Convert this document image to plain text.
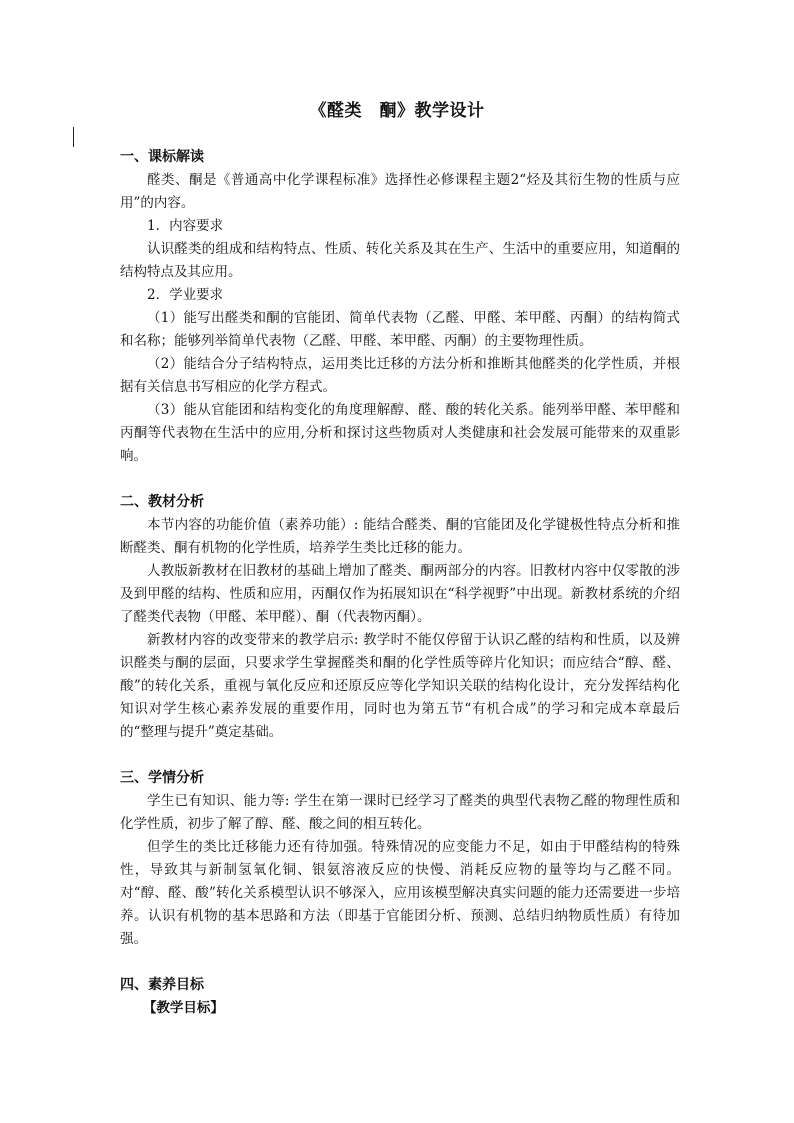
《醛类　酮》教学设计

一、课标解读

醛类、酮是《普通高中化学课程标准》选择性必修课程主题2“烃及其衍生物的性质与应用”的内容。

1．内容要求

认识醛类的组成和结构特点、性质、转化关系及其在生产、生活中的重要应用，知道酮的结构特点及其应用。

2．学业要求

（1）能写出醛类和酮的官能团、简单代表物（乙醛、甲醛、苯甲醛、丙酮）的结构简式和名称；能够列举简单代表物（乙醛、甲醛、苯甲醛、丙酮）的主要物理性质。

（2）能结合分子结构特点，运用类比迁移的方法分析和推断其他醛类的化学性质，并根据有关信息书写相应的化学方程式。

（3）能从官能团和结构变化的角度理解醇、醛、酸的转化关系。能列举甲醛、苯甲醛和丙酮等代表物在生活中的应用,分析和探讨这些物质对人类健康和社会发展可能带来的双重影响。

二、教材分析

本节内容的功能价值（素养功能）: 能结合醛类、酮的官能团及化学键极性特点分析和推断醛类、酮有机物的化学性质，培养学生类比迁移的能力。

人教版新教材在旧教材的基础上增加了醛类、酮两部分的内容。旧教材内容中仅零散的涉及到甲醛的结构、性质和应用，丙酮仅作为拓展知识在“科学视野”中出现。新教材系统的介绍了醛类代表物（甲醛、苯甲醛）、酮（代表物丙酮）。

新教材内容的改变带来的教学启示: 教学时不能仅停留于认识乙醛的结构和性质，以及辨识醛类与酮的层面，只要求学生掌握醛类和酮的化学性质等碎片化知识；而应结合“醇、醛、酸”的转化关系，重视与氧化反应和还原反应等化学知识关联的结构化设计，充分发挥结构化知识对学生核心素养发展的重要作用，同时也为第五节“有机合成”的学习和完成本章最后的“整理与提升”奠定基础。

三、学情分析

学生已有知识、能力等: 学生在第一课时已经学习了醛类的典型代表物乙醛的物理性质和化学性质，初步了解了醇、醛、酸之间的相互转化。

但学生的类比迁移能力还有待加强。特殊情况的应变能力不足，如由于甲醛结构的特殊性，导致其与新制氢氧化铜、银氨溶液反应的快慢、消耗反应物的量等均与乙醛不同。对“醇、醛、酸”转化关系模型认识不够深入，应用该模型解决真实问题的能力还需要进一步培养。认识有机物的基本思路和方法（即基于官能团分析、预测、总结归纳物质性质）有待加强。

四、素养目标

【教学目标】
